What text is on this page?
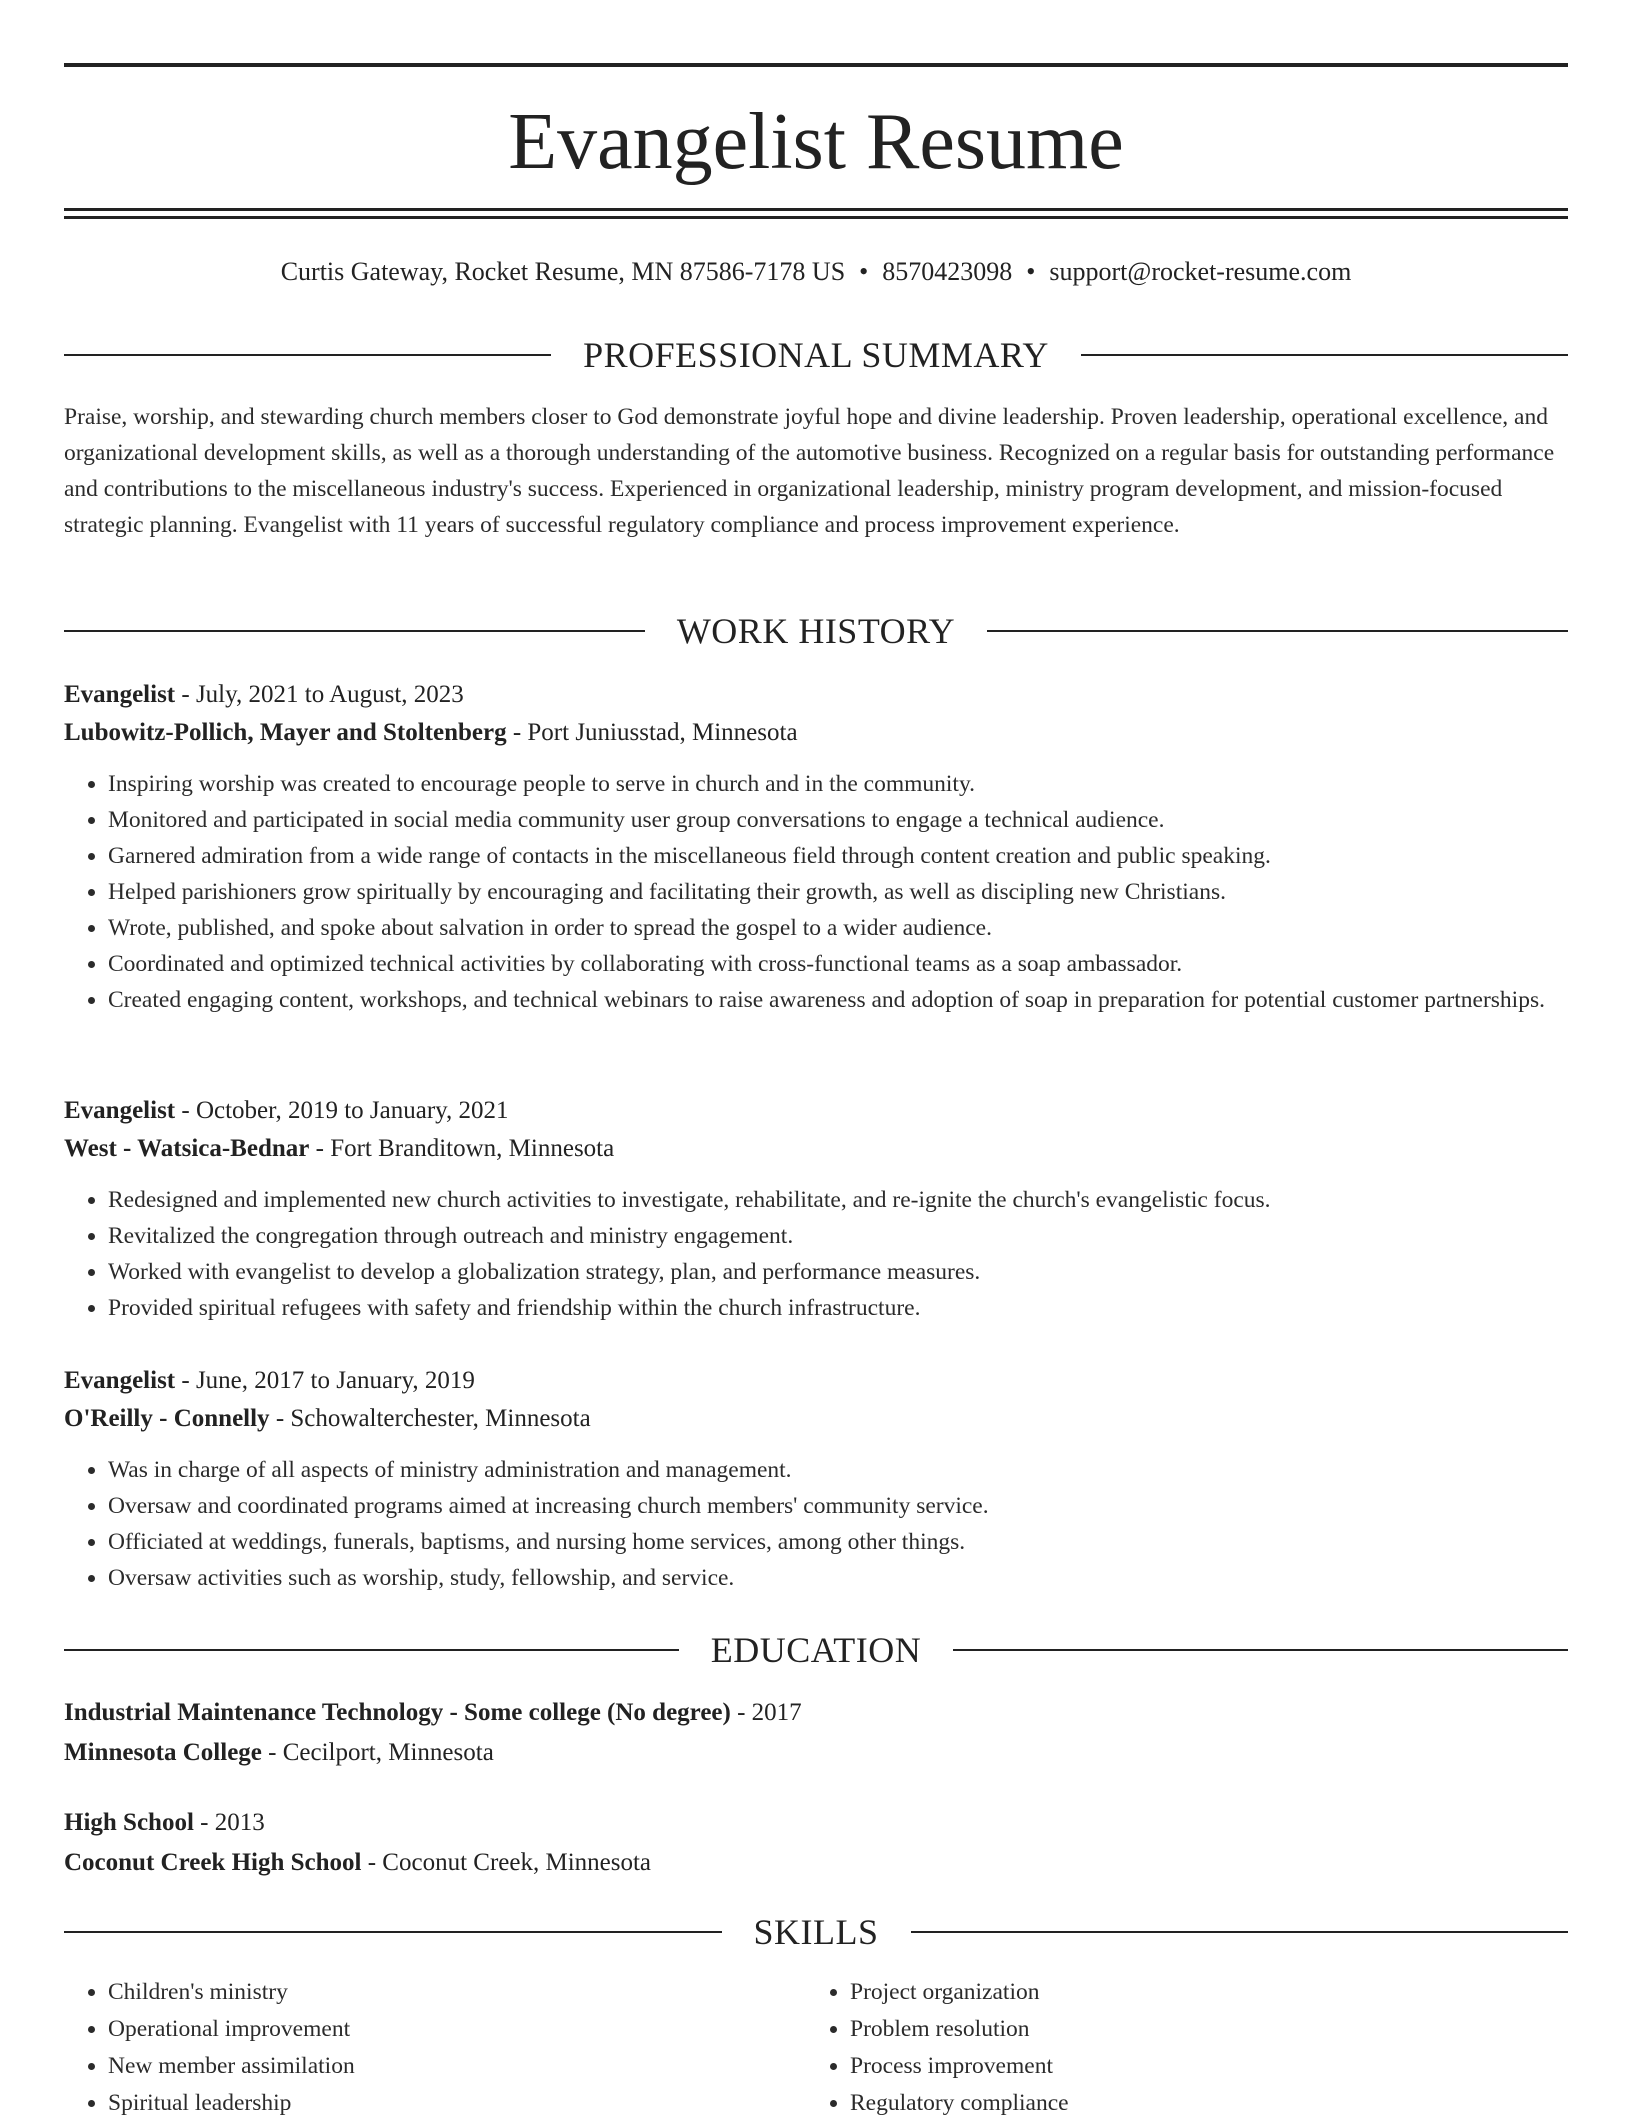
Evangelist Resume
Curtis Gateway, Rocket Resume, MN 87586-7178 US • 8570423098 • support@rocket-resume.com
PROFESSIONAL SUMMARY

Praise, worship, and stewarding church members closer to God demonstrate joyful hope and divine leadership. Proven leadership, operational excellence, and organizational development skills, as well as a thorough understanding of the automotive business. Recognized on a regular basis for outstanding performance and contributions to the miscellaneous industry's success. Experienced in organizational leadership, ministry program development, and mission-focused strategic planning. Evangelist with 11 years of successful regulatory compliance and process improvement experience.

WORK HISTORY

Evangelist - July, 2021 to August, 2023

Lubowitz-Pollich, Mayer and Stoltenberg - Port Juniusstad, Minnesota

• Inspiring worship was created to encourage people to serve in church and in the community.
• Monitored and participated in social media community user group conversations to engage a technical audience.
• Garnered admiration from a wide range of contacts in the miscellaneous field through content creation and public speaking.
• Helped parishioners grow spiritually by encouraging and facilitating their growth, as well as discipling new Christians.
• Wrote, published, and spoke about salvation in order to spread the gospel to a wider audience.
• Coordinated and optimized technical activities by collaborating with cross-functional teams as a soap ambassador.
• Created engaging content, workshops, and technical webinars to raise awareness and adoption of soap in preparation for potential customer partnerships.

Evangelist - October, 2019 to January, 2021

West - Watsica-Bednar - Fort Branditown, Minnesota

• Redesigned and implemented new church activities to investigate, rehabilitate, and re-ignite the church's evangelistic focus.
• Revitalized the congregation through outreach and ministry engagement.
• Worked with evangelist to develop a globalization strategy, plan, and performance measures.
• Provided spiritual refugees with safety and friendship within the church infrastructure.

Evangelist - June, 2017 to January, 2019

O'Reilly - Connelly - Schowalterchester, Minnesota

• Was in charge of all aspects of ministry administration and management.
• Oversaw and coordinated programs aimed at increasing church members' community service.
• Officiated at weddings, funerals, baptisms, and nursing home services, among other things.
• Oversaw activities such as worship, study, fellowship, and service.
EDUCATION

Industrial Maintenance Technology - Some college (No degree) - 2017

Minnesota College - Cecilport, Minnesota

High School - 2013

Coconut Creek High School - Coconut Creek, Minnesota

SKILLS
• Children's ministry
• Operational improvement
• New member assimilation
• Spiritual leadership
• Project organization
• Problem resolution
• Process improvement
• Regulatory compliance
